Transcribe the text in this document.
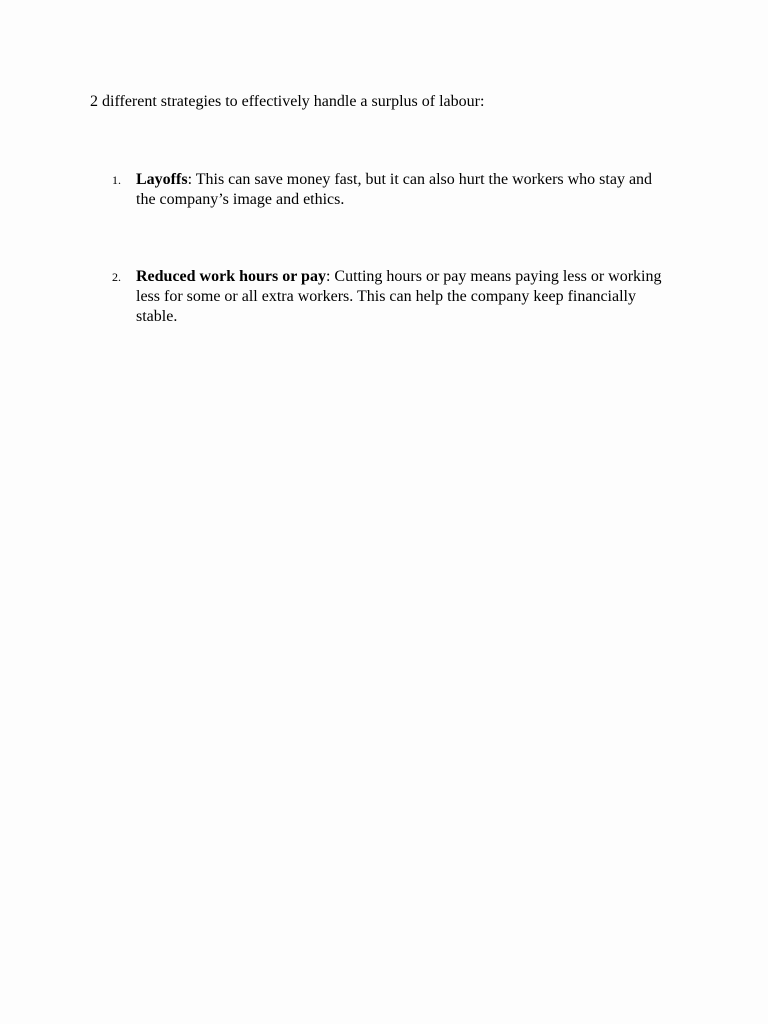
2 different strategies to effectively handle a surplus of labour:

1. Layoffs: This can save money fast, but it can also hurt the workers who stay and the company’s image and ethics.
2. Reduced work hours or pay: Cutting hours or pay means paying less or working less for some or all extra workers. This can help the company keep financially stable.
